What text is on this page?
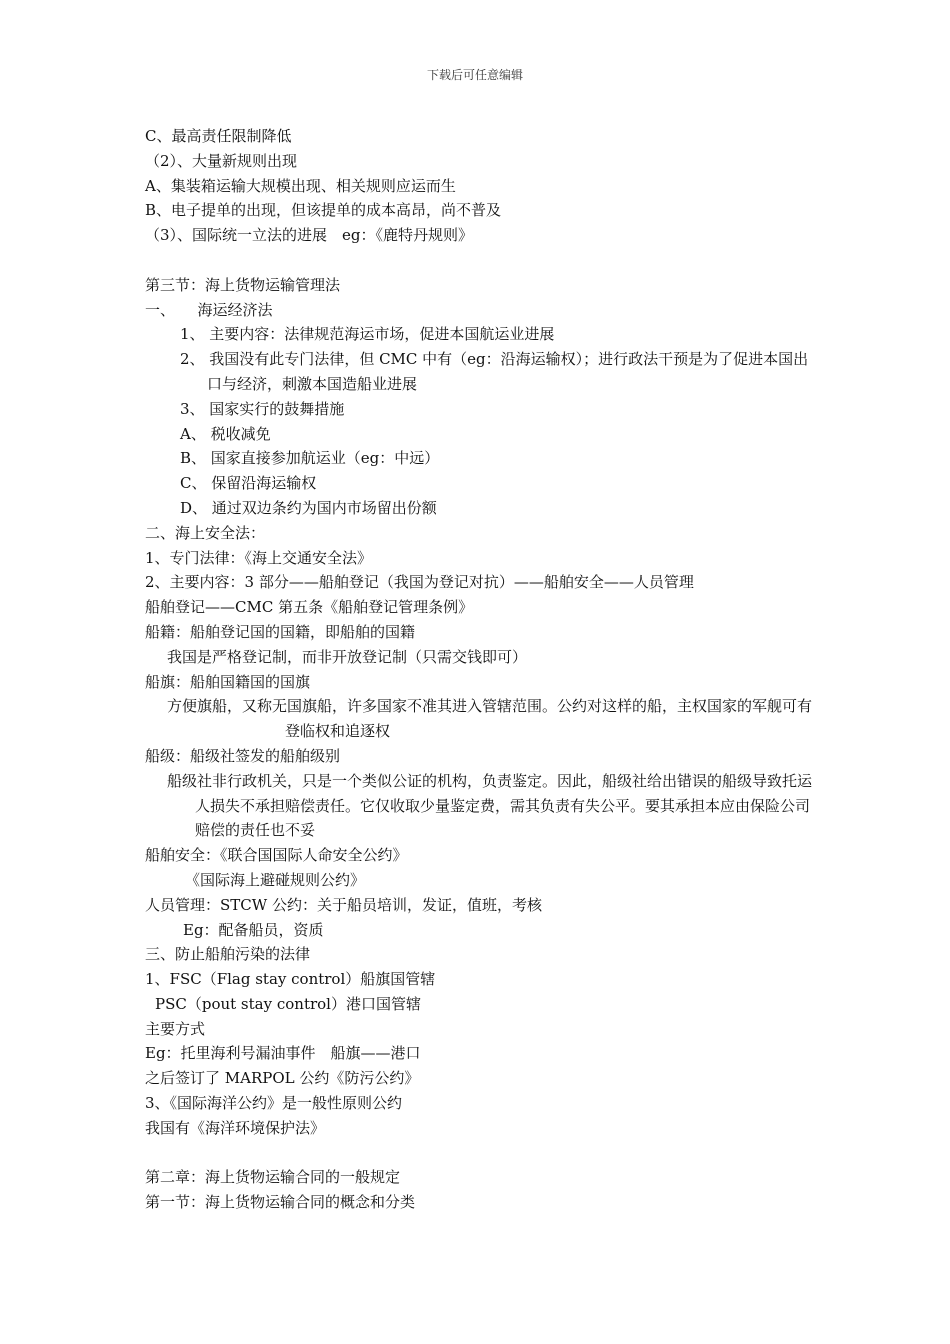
下载后可任意编辑
C、最高责任限制降低
（2）、大量新规则出现
A、集装箱运输大规模出现、相关规则应运而生
B、电子提单的出现，但该提单的成本高昂，尚不普及
（3）、国际统一立法的进展　eg：《鹿特丹规则》
第三节：海上货物运输管理法
一、　　海运经济法
1、 主要内容：法律规范海运市场，促进本国航运业进展
2、 我国没有此专门法律，但 CMC 中有（eg：沿海运输权）；进行政法干预是为了促进本国出口与经济，刺激本国造船业进展
3、 国家实行的鼓舞措施
A、 税收减免
B、 国家直接参加航运业（eg：中远）
C、 保留沿海运输权
D、 通过双边条约为国内市场留出份额
二、海上安全法：
1、专门法律：《海上交通安全法》
2、主要内容：3 部分——船舶登记（我国为登记对抗）——船舶安全——人员管理
船舶登记——CMC 第五条《船舶登记管理条例》
船籍：船舶登记国的国籍，即船舶的国籍
我国是严格登记制，而非开放登记制（只需交钱即可）
船旗：船舶国籍国的国旗
方便旗船，又称无国旗船，许多国家不准其进入管辖范围。公约对这样的船，主权国家的军舰可有登临权和追逐权
船级：船级社签发的船舶级别
船级社非行政机关，只是一个类似公证的机构，负责鉴定。因此，船级社给出错误的船级导致托运人损失不承担赔偿责任。它仅收取少量鉴定费，需其负责有失公平。要其承担本应由保险公司赔偿的责任也不妥
船舶安全：《联合国国际人命安全公约》
《国际海上避碰规则公约》
人员管理：STCW 公约：关于船员培训，发证，值班，考核
Eg：配备船员，资质
三、防止船舶污染的法律
1、FSC（Flag stay control）船旗国管辖
PSC（pout stay control）港口国管辖
主要方式
Eg：托里海利号漏油事件　船旗——港口
之后签订了 MARPOL 公约《防污公约》
3、《国际海洋公约》是一般性原则公约
我国有《海洋环境保护法》
第二章：海上货物运输合同的一般规定
第一节：海上货物运输合同的概念和分类
